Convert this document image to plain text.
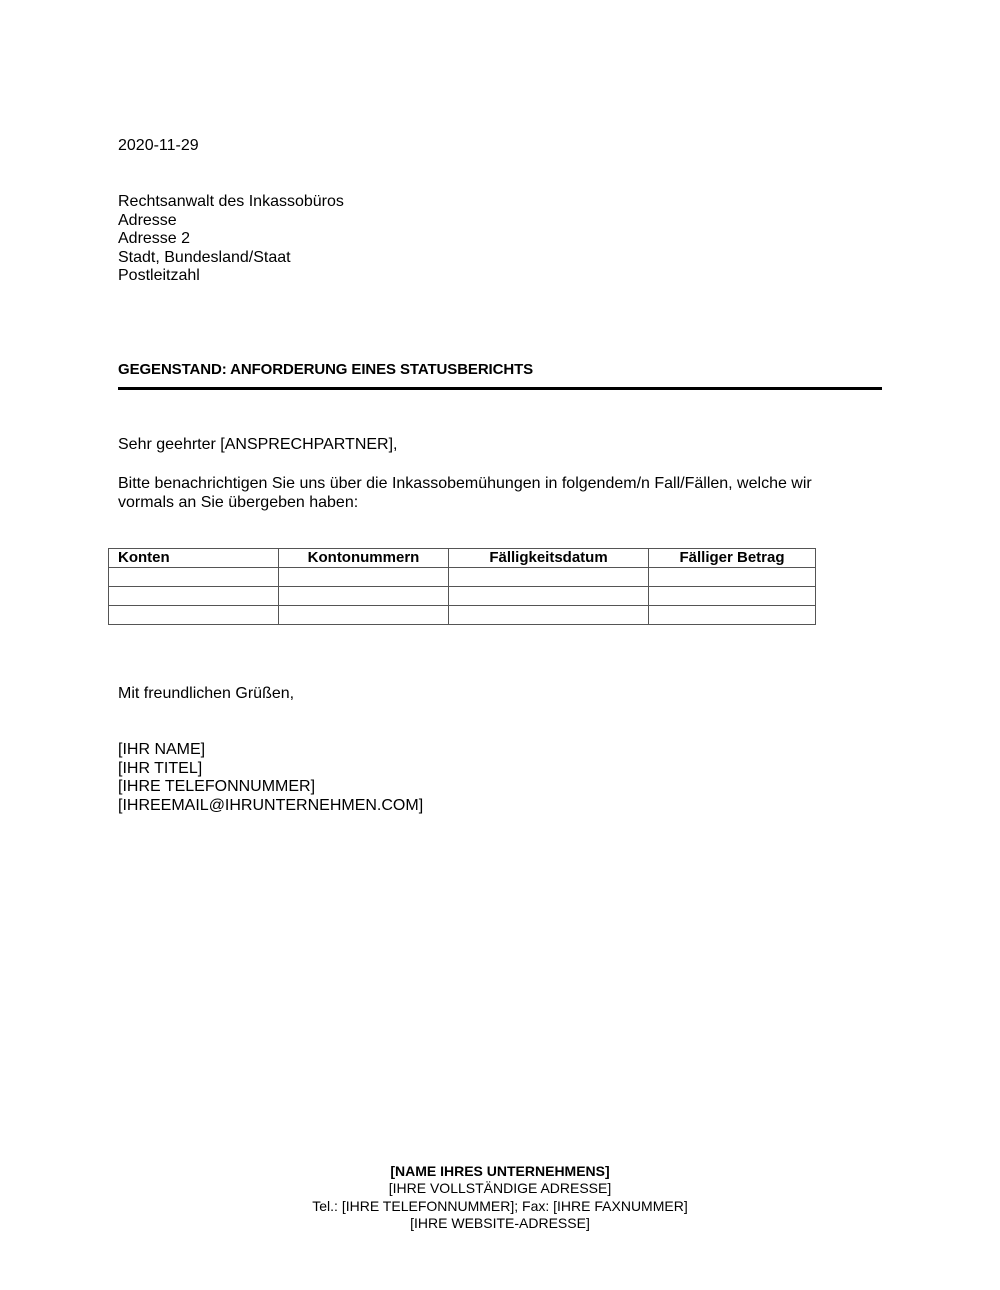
2020-11-29
Rechtsanwalt des Inkassobüros
Adresse
Adresse 2
Stadt, Bundesland/Staat
Postleitzahl
GEGENSTAND: ANFORDERUNG EINES STATUSBERICHTS
Sehr geehrter [ANSPRECHPARTNER],
Bitte benachrichtigen Sie uns über die Inkassobemühungen in folgendem/n Fall/Fällen, welche wir vormals an Sie übergeben haben:
Konten	Kontonummern	Fälligkeitsdatum	Fälliger Betrag

Mit freundlichen Grüßen,
[IHR NAME]
[IHR TITEL]
[IHRE TELEFONNUMMER]
[IHREEMAIL@IHRUNTERNEHMEN.COM]
[NAME IHRES UNTERNEHMENS]
[IHRE VOLLSTÄNDIGE ADRESSE]
Tel.: [IHRE TELEFONNUMMER]; Fax: [IHRE FAXNUMMER]
[IHRE WEBSITE-ADRESSE]
